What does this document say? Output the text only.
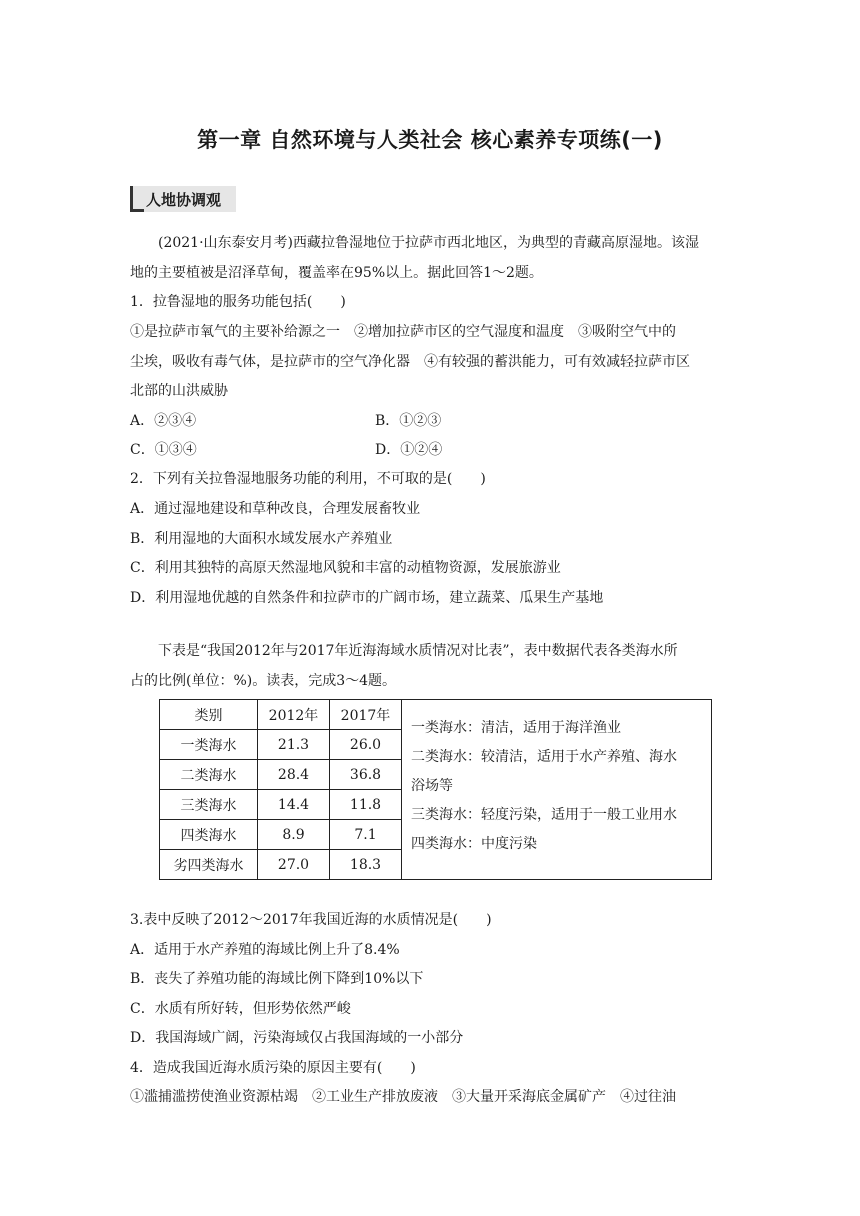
第一章 自然环境与人类社会 核心素养专项练(一)
人地协调观
(2021·山东泰安月考)西藏拉鲁湿地位于拉萨市西北地区，为典型的青藏高原湿地。该湿
地的主要植被是沼泽草甸，覆盖率在95%以上。据此回答1～2题。
1．拉鲁湿地的服务功能包括(　　)
①是拉萨市氧气的主要补给源之一　②增加拉萨市区的空气湿度和温度　③吸附空气中的
尘埃，吸收有毒气体，是拉萨市的空气净化器　④有较强的蓄洪能力，可有效减轻拉萨市区
北部的山洪威胁
A．②③④	B．①②③
C．①③④	D．①②④
2．下列有关拉鲁湿地服务功能的利用，不可取的是(　　)
A．通过湿地建设和草种改良，合理发展畜牧业
B．利用湿地的大面积水域发展水产养殖业
C．利用其独特的高原天然湿地风貌和丰富的动植物资源，发展旅游业
D．利用湿地优越的自然条件和拉萨市的广阔市场，建立蔬菜、瓜果生产基地
下表是“我国2012年与2017年近海海域水质情况对比表”，表中数据代表各类海水所
占的比例(单位：%)。读表，完成3～4题。
类别	2012年	2017年	一类海水：清洁，适用于海洋渔业
二类海水：较清洁，适用于水产养殖、海水
浴场等
三类海水：轻度污染，适用于一般工业用水
四类海水：中度污染

一类海水	21.3	26.0	
二类海水	28.4	36.8	
三类海水	14.4	11.8	
四类海水	8.9	7.1	
劣四类海水	27.0	18.3	
3.表中反映了2012～2017年我国近海的水质情况是(　　)
A．适用于水产养殖的海域比例上升了8.4%
B．丧失了养殖功能的海域比例下降到10%以下
C．水质有所好转，但形势依然严峻
D．我国海域广阔，污染海域仅占我国海域的一小部分
4．造成我国近海水质污染的原因主要有(　　)
①滥捕滥捞使渔业资源枯竭　②工业生产排放废液　③大量开采海底金属矿产　④过往油
